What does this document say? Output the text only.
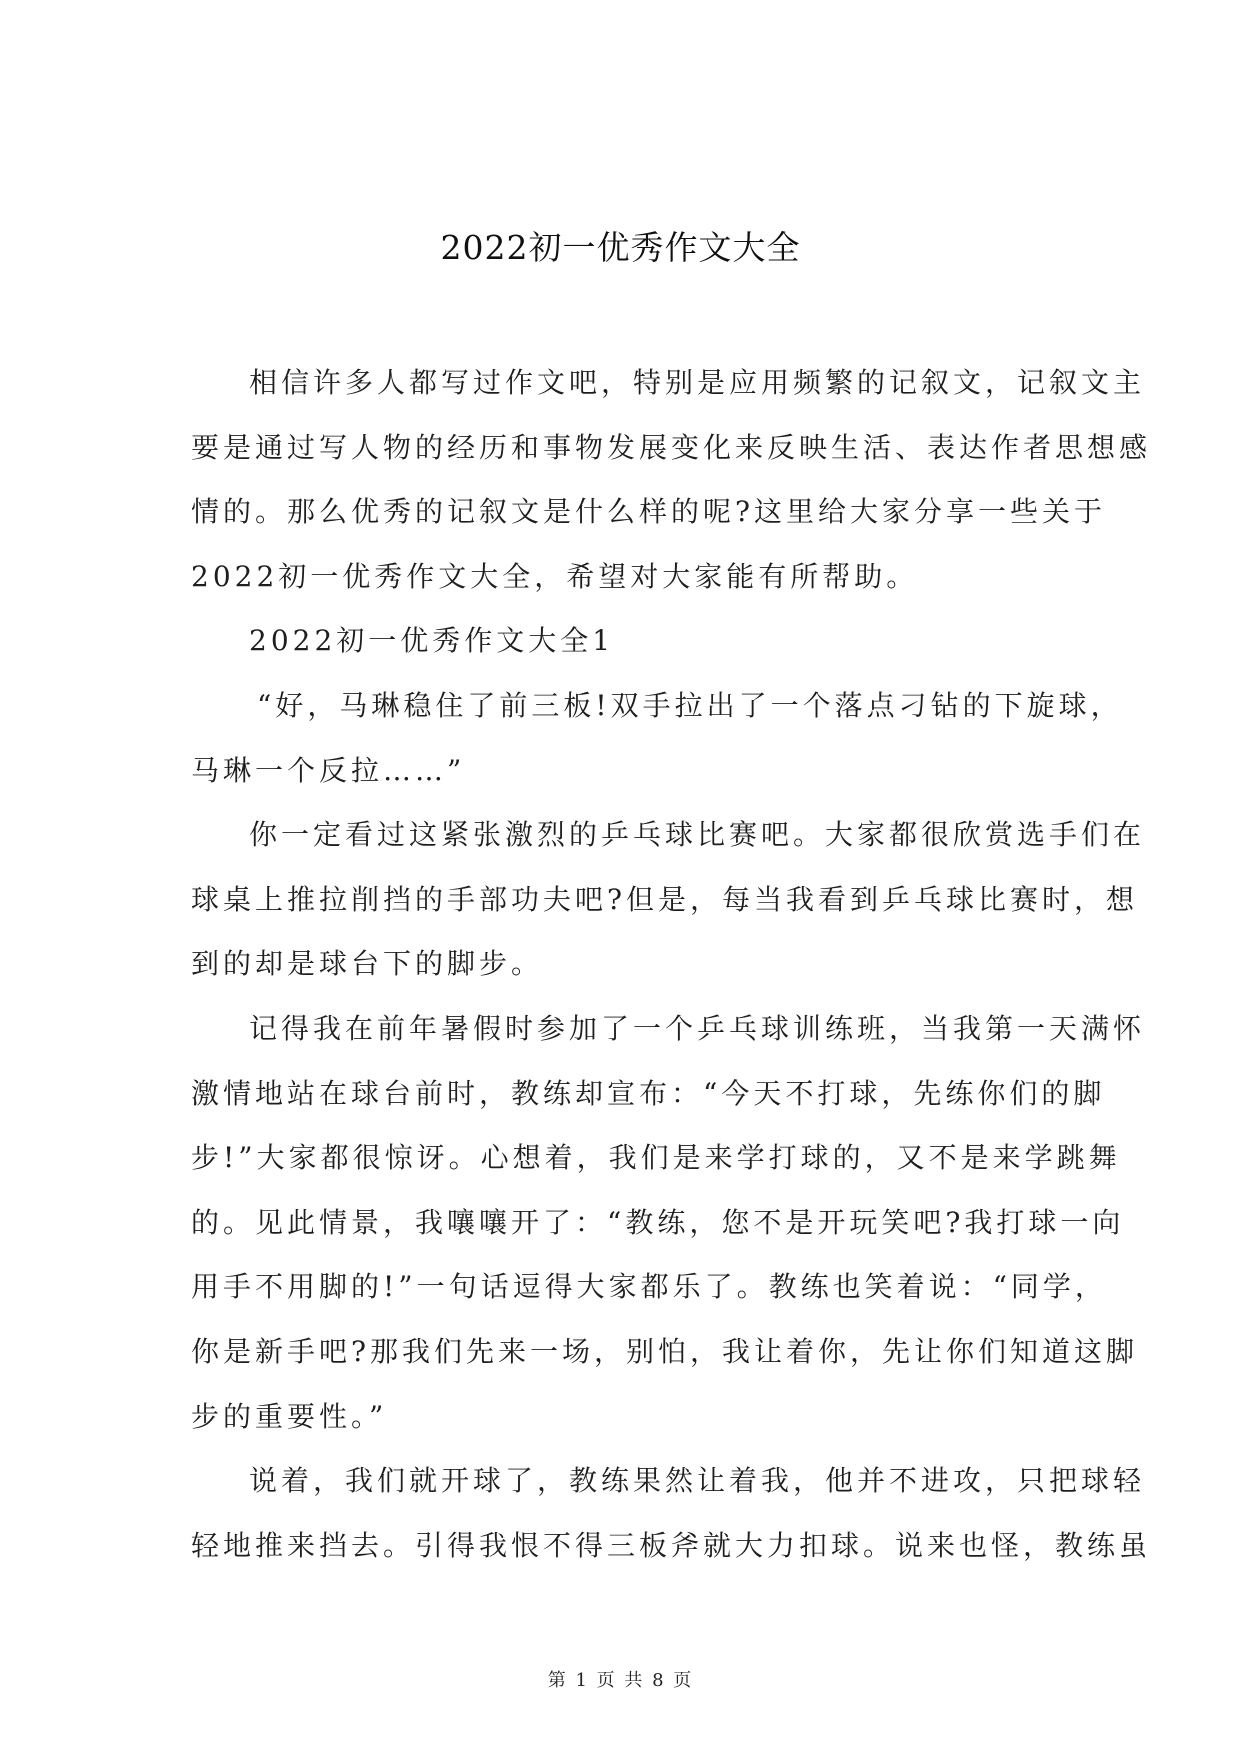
2022初一优秀作文大全
相信许多人都写过作文吧，特别是应用频繁的记叙文，记叙文主
要是通过写人物的经历和事物发展变化来反映生活、表达作者思想感
情的。那么优秀的记叙文是什么样的呢?这里给大家分享一些关于
2022初一优秀作文大全，希望对大家能有所帮助。
2022初一优秀作文大全1
“好，马琳稳住了前三板!双手拉出了一个落点刁钻的下旋球，
马琳一个反拉……”
你一定看过这紧张激烈的乒乓球比赛吧。大家都很欣赏选手们在
球桌上推拉削挡的手部功夫吧?但是，每当我看到乒乓球比赛时，想
到的却是球台下的脚步。
记得我在前年暑假时参加了一个乒乓球训练班，当我第一天满怀
激情地站在球台前时，教练却宣布：“今天不打球，先练你们的脚
步!”大家都很惊讶。心想着，我们是来学打球的，又不是来学跳舞
的。见此情景，我嚷嚷开了：“教练，您不是开玩笑吧?我打球一向
用手不用脚的!”一句话逗得大家都乐了。教练也笑着说：“同学，
你是新手吧?那我们先来一场，别怕，我让着你，先让你们知道这脚
步的重要性。”
说着，我们就开球了，教练果然让着我，他并不进攻，只把球轻
轻地推来挡去。引得我恨不得三板斧就大力扣球。说来也怪，教练虽
第 1 页 共 8 页
